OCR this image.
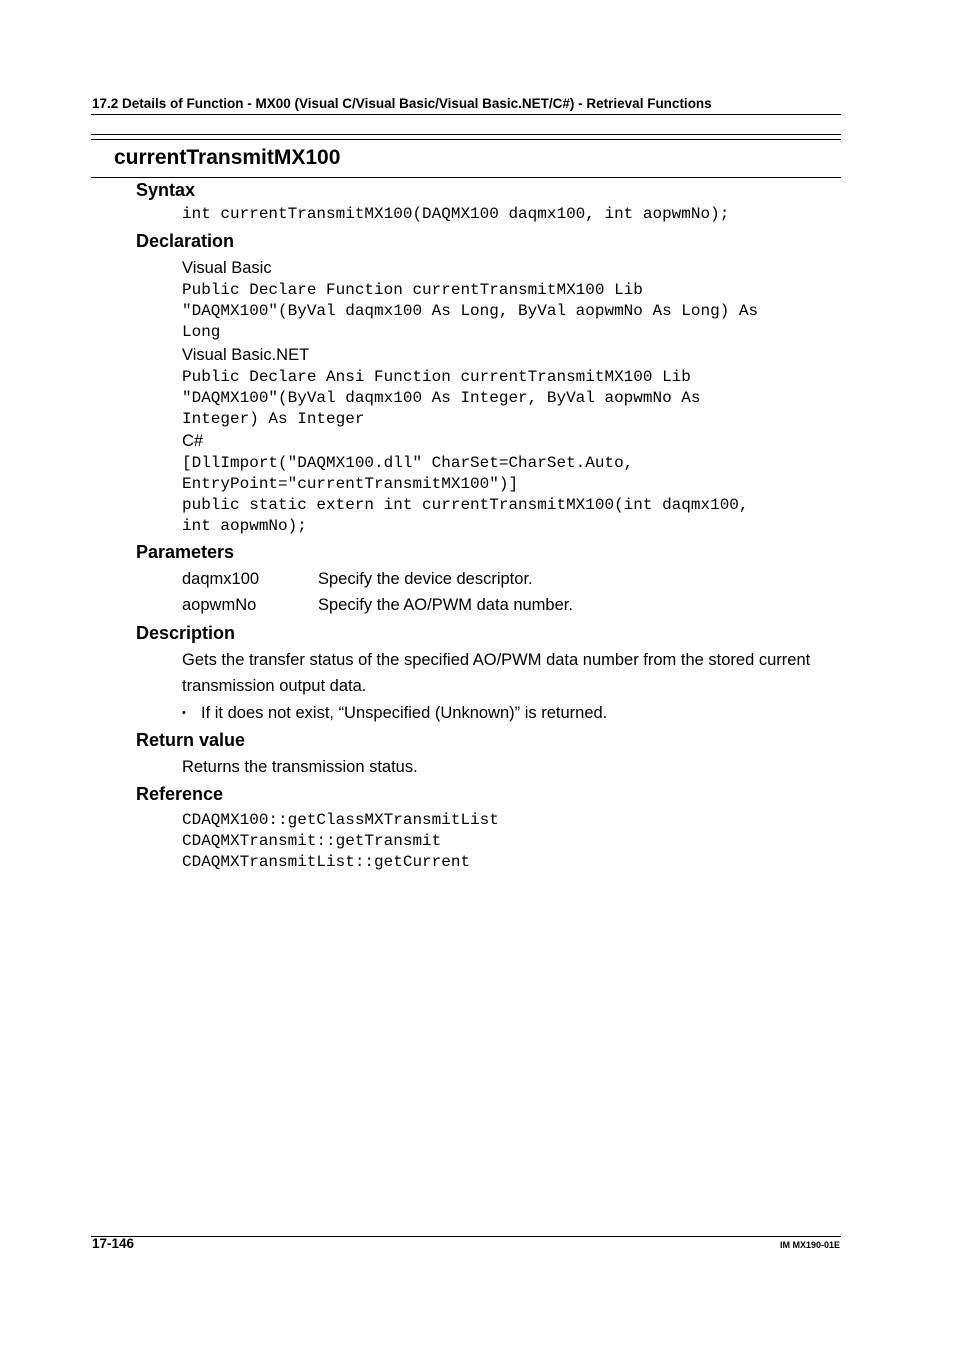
17.2 Details of Function - MX00 (Visual C/Visual Basic/Visual Basic.NET/C#) - Retrieval Functions
currentTransmitMX100
Syntax
int currentTransmitMX100(DAQMX100 daqmx100, int aopwmNo);
Declaration
Visual Basic
Public Declare Function currentTransmitMX100 Lib
"DAQMX100"(ByVal daqmx100 As Long, ByVal aopwmNo As Long) As
Long
Visual Basic.NET
Public Declare Ansi Function currentTransmitMX100 Lib
"DAQMX100"(ByVal daqmx100 As Integer, ByVal aopwmNo As
Integer) As Integer
C#
[DllImport("DAQMX100.dll" CharSet=CharSet.Auto,
EntryPoint="currentTransmitMX100")]
public static extern int currentTransmitMX100(int daqmx100,
int aopwmNo);
Parameters
daqmx100	Specify the device descriptor.
aopwmNo	Specify the AO/PWM data number.
Description
Gets the transfer status of the specified AO/PWM data number from the stored current transmission output data.
• If it does not exist, “Unspecified (Unknown)” is returned.
Return value
Returns the transmission status.
Reference
CDAQMX100::getClassMXTransmitList
CDAQMXTransmit::getTransmit
CDAQMXTransmitList::getCurrent
17-146	IM MX190-01E
